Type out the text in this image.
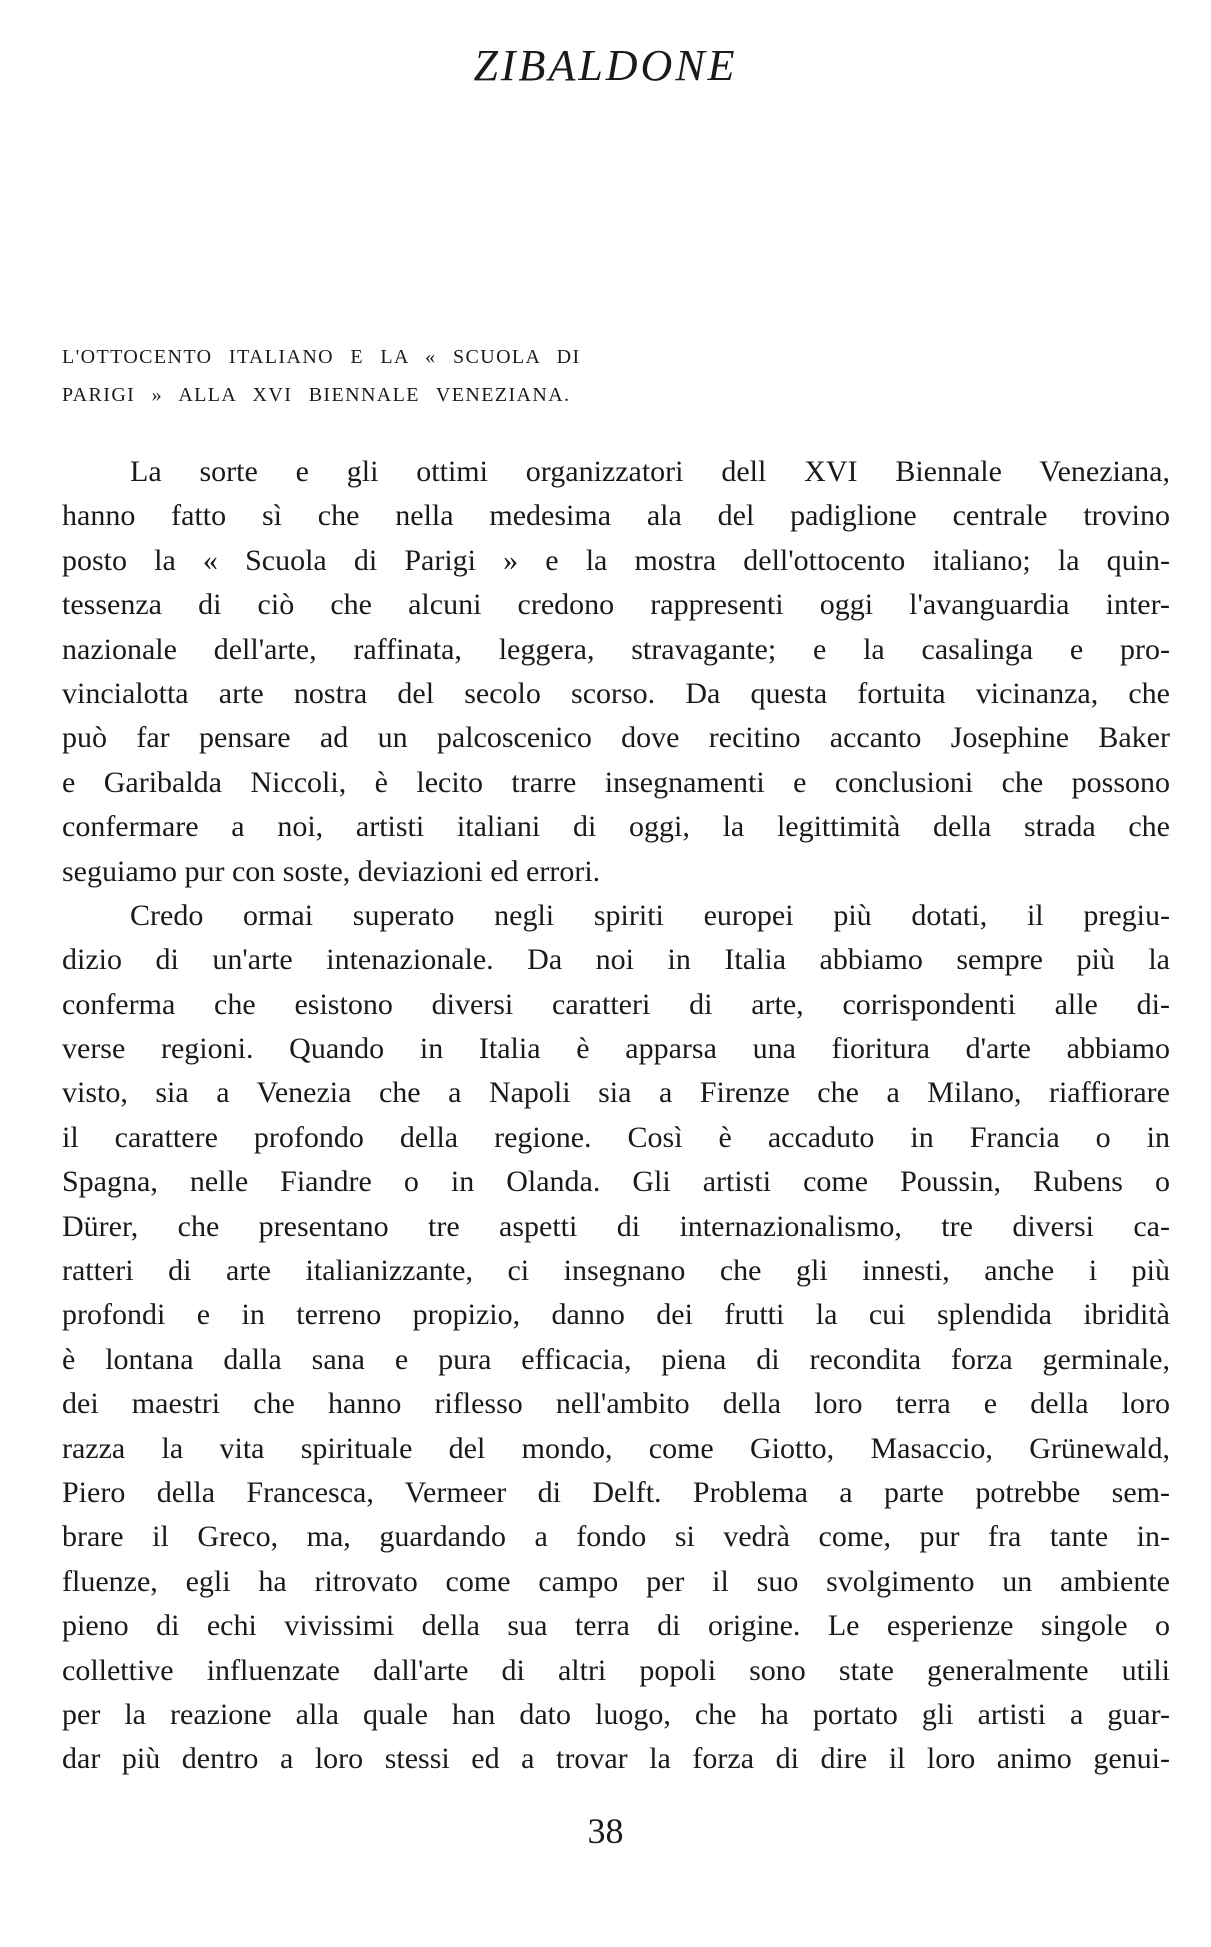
ZIBALDONE
L'OTTOCENTO ITALIANO E LA « SCUOLA DI
PARIGI » ALLA XVI BIENNALE VENEZIANA.
La sorte e gli ottimi organizzatori dell XVI Biennale Veneziana,
hanno fatto sì che nella medesima ala del padiglione centrale trovino
posto la « Scuola di Parigi » e la mostra dell'ottocento italiano; la quin-
tessenza di ciò che alcuni credono rappresenti oggi l'avanguardia inter-
nazionale dell'arte, raffinata, leggera, stravagante; e la casalinga e pro-
vincialotta arte nostra del secolo scorso. Da questa fortuita vicinanza, che
può far pensare ad un palcoscenico dove recitino accanto Josephine Baker
e Garibalda Niccoli, è lecito trarre insegnamenti e conclusioni che possono
confermare a noi, artisti italiani di oggi, la legittimità della strada che
seguiamo pur con soste, deviazioni ed errori.
Credo ormai superato negli spiriti europei più dotati, il pregiu-
dizio di un'arte intenazionale. Da noi in Italia abbiamo sempre più la
conferma che esistono diversi caratteri di arte, corrispondenti alle di-
verse regioni. Quando in Italia è apparsa una fioritura d'arte abbiamo
visto, sia a Venezia che a Napoli sia a Firenze che a Milano, riaffiorare
il carattere profondo della regione. Così è accaduto in Francia o in
Spagna, nelle Fiandre o in Olanda. Gli artisti come Poussin, Rubens o
Dürer, che presentano tre aspetti di internazionalismo, tre diversi ca-
ratteri di arte italianizzante, ci insegnano che gli innesti, anche i più
profondi e in terreno propizio, danno dei frutti la cui splendida ibridità
è lontana dalla sana e pura efficacia, piena di recondita forza germinale,
dei maestri che hanno riflesso nell'ambito della loro terra e della loro
razza la vita spirituale del mondo, come Giotto, Masaccio, Grünewald,
Piero della Francesca, Vermeer di Delft. Problema a parte potrebbe sem-
brare il Greco, ma, guardando a fondo si vedrà come, pur fra tante in-
fluenze, egli ha ritrovato come campo per il suo svolgimento un ambiente
pieno di echi vivissimi della sua terra di origine. Le esperienze singole o
collettive influenzate dall'arte di altri popoli sono state generalmente utili
per la reazione alla quale han dato luogo, che ha portato gli artisti a guar-
dar più dentro a loro stessi ed a trovar la forza di dire il loro animo genui-
38
